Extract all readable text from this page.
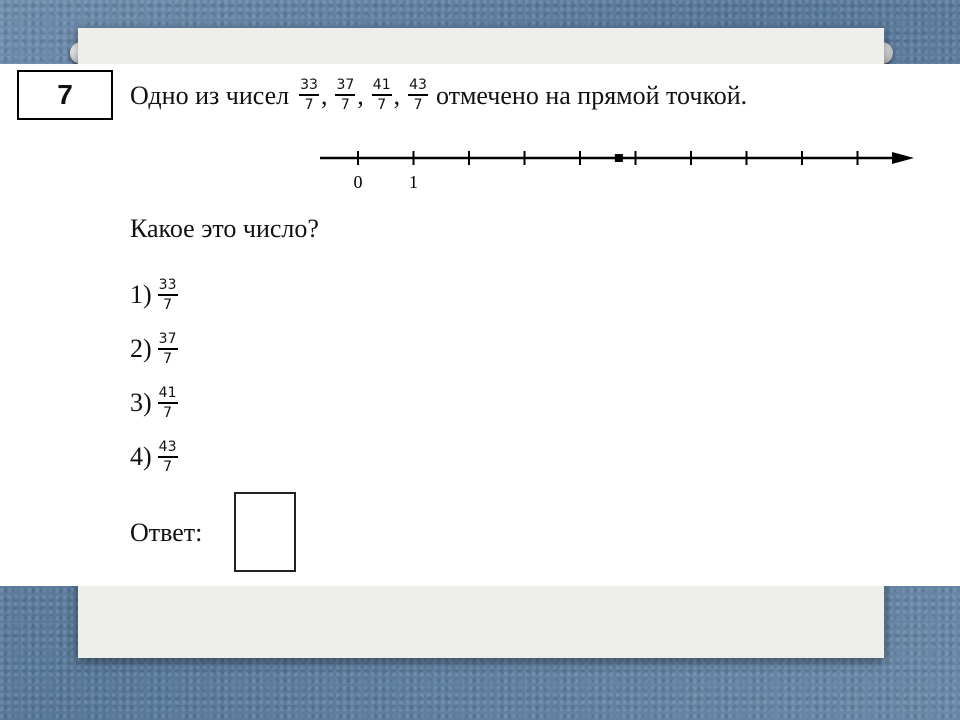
7 Одно из чисел $\frac{33}{7}$ , $\frac{37}{7}$ , $\frac{41}{7}$ , $\frac{43}{7}$ отмечено на прямой точкой.
0	1
Какое это число?
$1) \frac{33}{7}$
$2) \frac{37}{7}$
$3) \frac{41}{7}$
$4) \frac{43}{7}$
Ответ:
